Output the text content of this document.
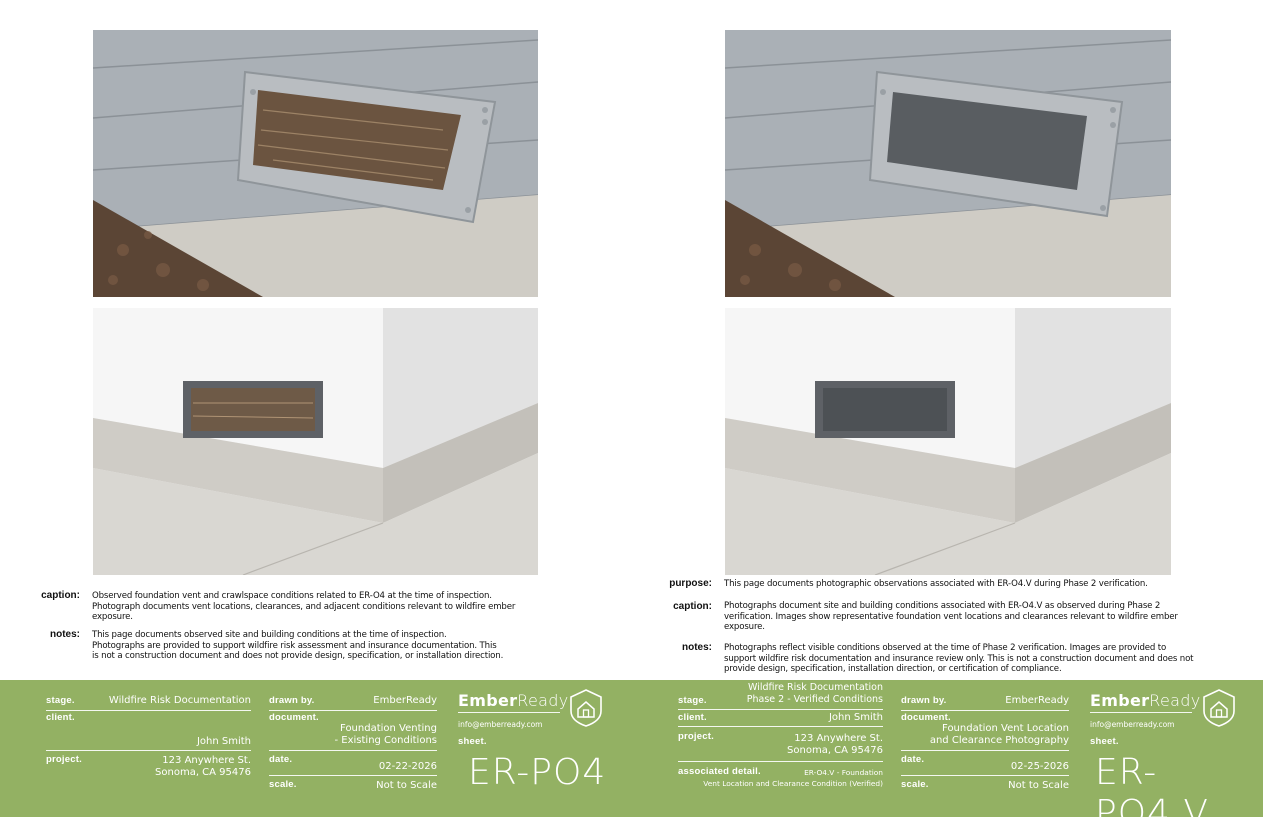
caption: Observed foundation vent and crawlspace conditions related to ER-O4 at the time of inspection.
Photograph documents vent locations, clearances, and adjacent conditions relevant to wildfire ember
exposure.
notes: This page documents observed site and building conditions at the time of inspection.
Photographs are provided to support wildfire risk assessment and insurance documentation. This
is not a construction document and does not provide design, specification, or installation direction.
purpose: This page documents photographic observations associated with ER-O4.V during Phase 2 verification.
caption: Photographs document site and building conditions associated with ER-O4.V as observed during Phase 2
verification. Images show representative foundation vent locations and clearances relevant to wildfire ember
exposure.
notes: Photographs reflect visible conditions observed at the time of Phase 2 verification. Images are provided to
support wildfire risk documentation and insurance review only. This is not a construction document and does not
provide design, specification, installation direction, or certification of compliance.
stage.	Wildfire Risk Documentation
client.
John Smith
project.	123 Anywhere St.
Sonoma, CA 95476
drawn by.	EmberReady
document.
Foundation Venting
- Existing Conditions
date.
02-22-2026
scale.	Not to Scale
EmberReady
info@emberready.com
sheet.
ER-PO4
stage.
Wildfire Risk Documentation
Phase 2 - Verified Conditions
client.	John Smith
project.	123 Anywhere St.
Sonoma, CA 95476
associated detail.	ER-O4.V - Foundation
Vent Location and Clearance Condition (Verified)
drawn by.	EmberReady
document.
Foundation Vent Location
and Clearance Photography
date.
02-25-2026
scale.	Not to Scale
EmberReady
info@emberready.com
sheet.
ER-PO4.V
